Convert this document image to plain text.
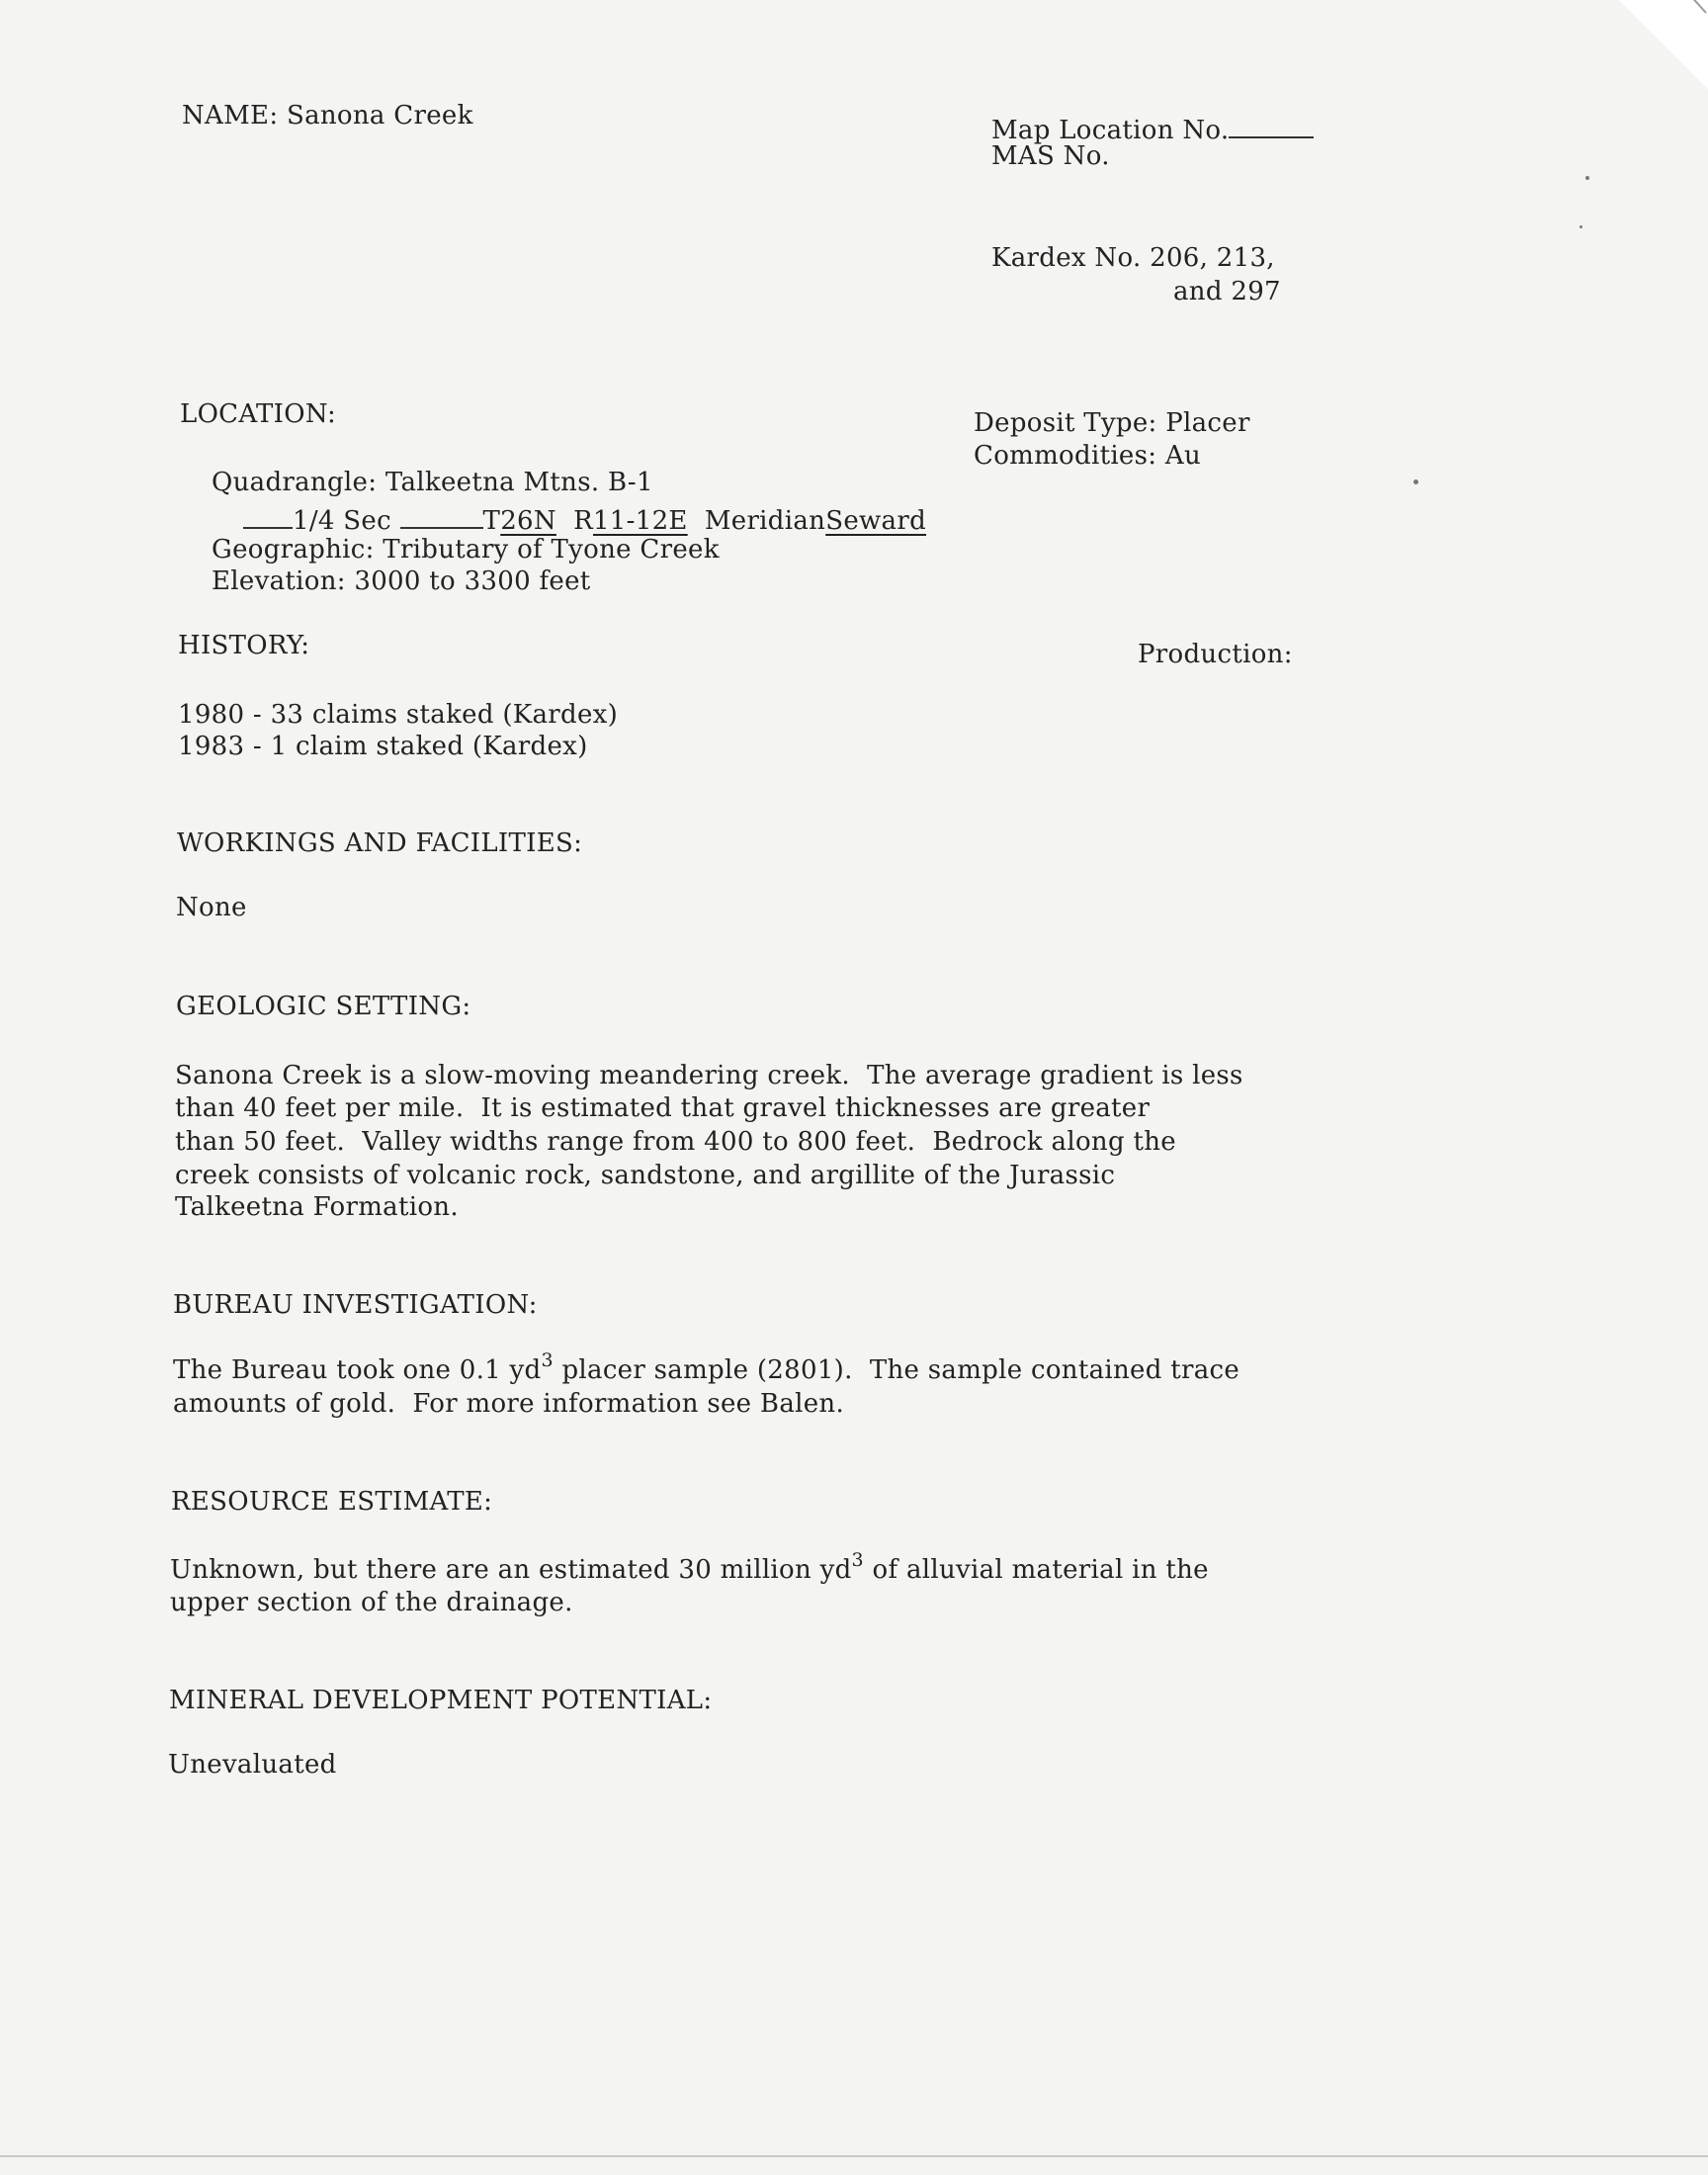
NAME: Sanona Creek	Map Location No.
MAS No.
Kardex No. 206, 213,
and 297
LOCATION:	Deposit Type: Placer
Commodities: Au
Quadrangle: Talkeetna Mtns. B-1
1/4 Sec	T26N R11-12E MeridianSeward
Geographic: Tributary of Tyone Creek
Elevation: 3000 to 3300 feet
HISTORY:	Production:
1980 - 33 claims staked (Kardex)
1983 - 1 claim staked (Kardex)
WORKINGS AND FACILITIES:
None
GEOLOGIC SETTING:
Sanona Creek is a slow-moving meandering creek.  The average gradient is less
than 40 feet per mile.  It is estimated that gravel thicknesses are greater
than 50 feet.  Valley widths range from 400 to 800 feet.  Bedrock along the
creek consists of volcanic rock, sandstone, and argillite of the Jurassic
Talkeetna Formation.
BUREAU INVESTIGATION:
The Bureau took one 0.1 $yd^3$ placer sample (2801).  The sample contained trace
amounts of gold.  For more information see Balen.
RESOURCE ESTIMATE:
Unknown, but there are an estimated 30 million $yd^3$ of alluvial material in the
upper section of the drainage.
MINERAL DEVELOPMENT POTENTIAL:
Unevaluated
